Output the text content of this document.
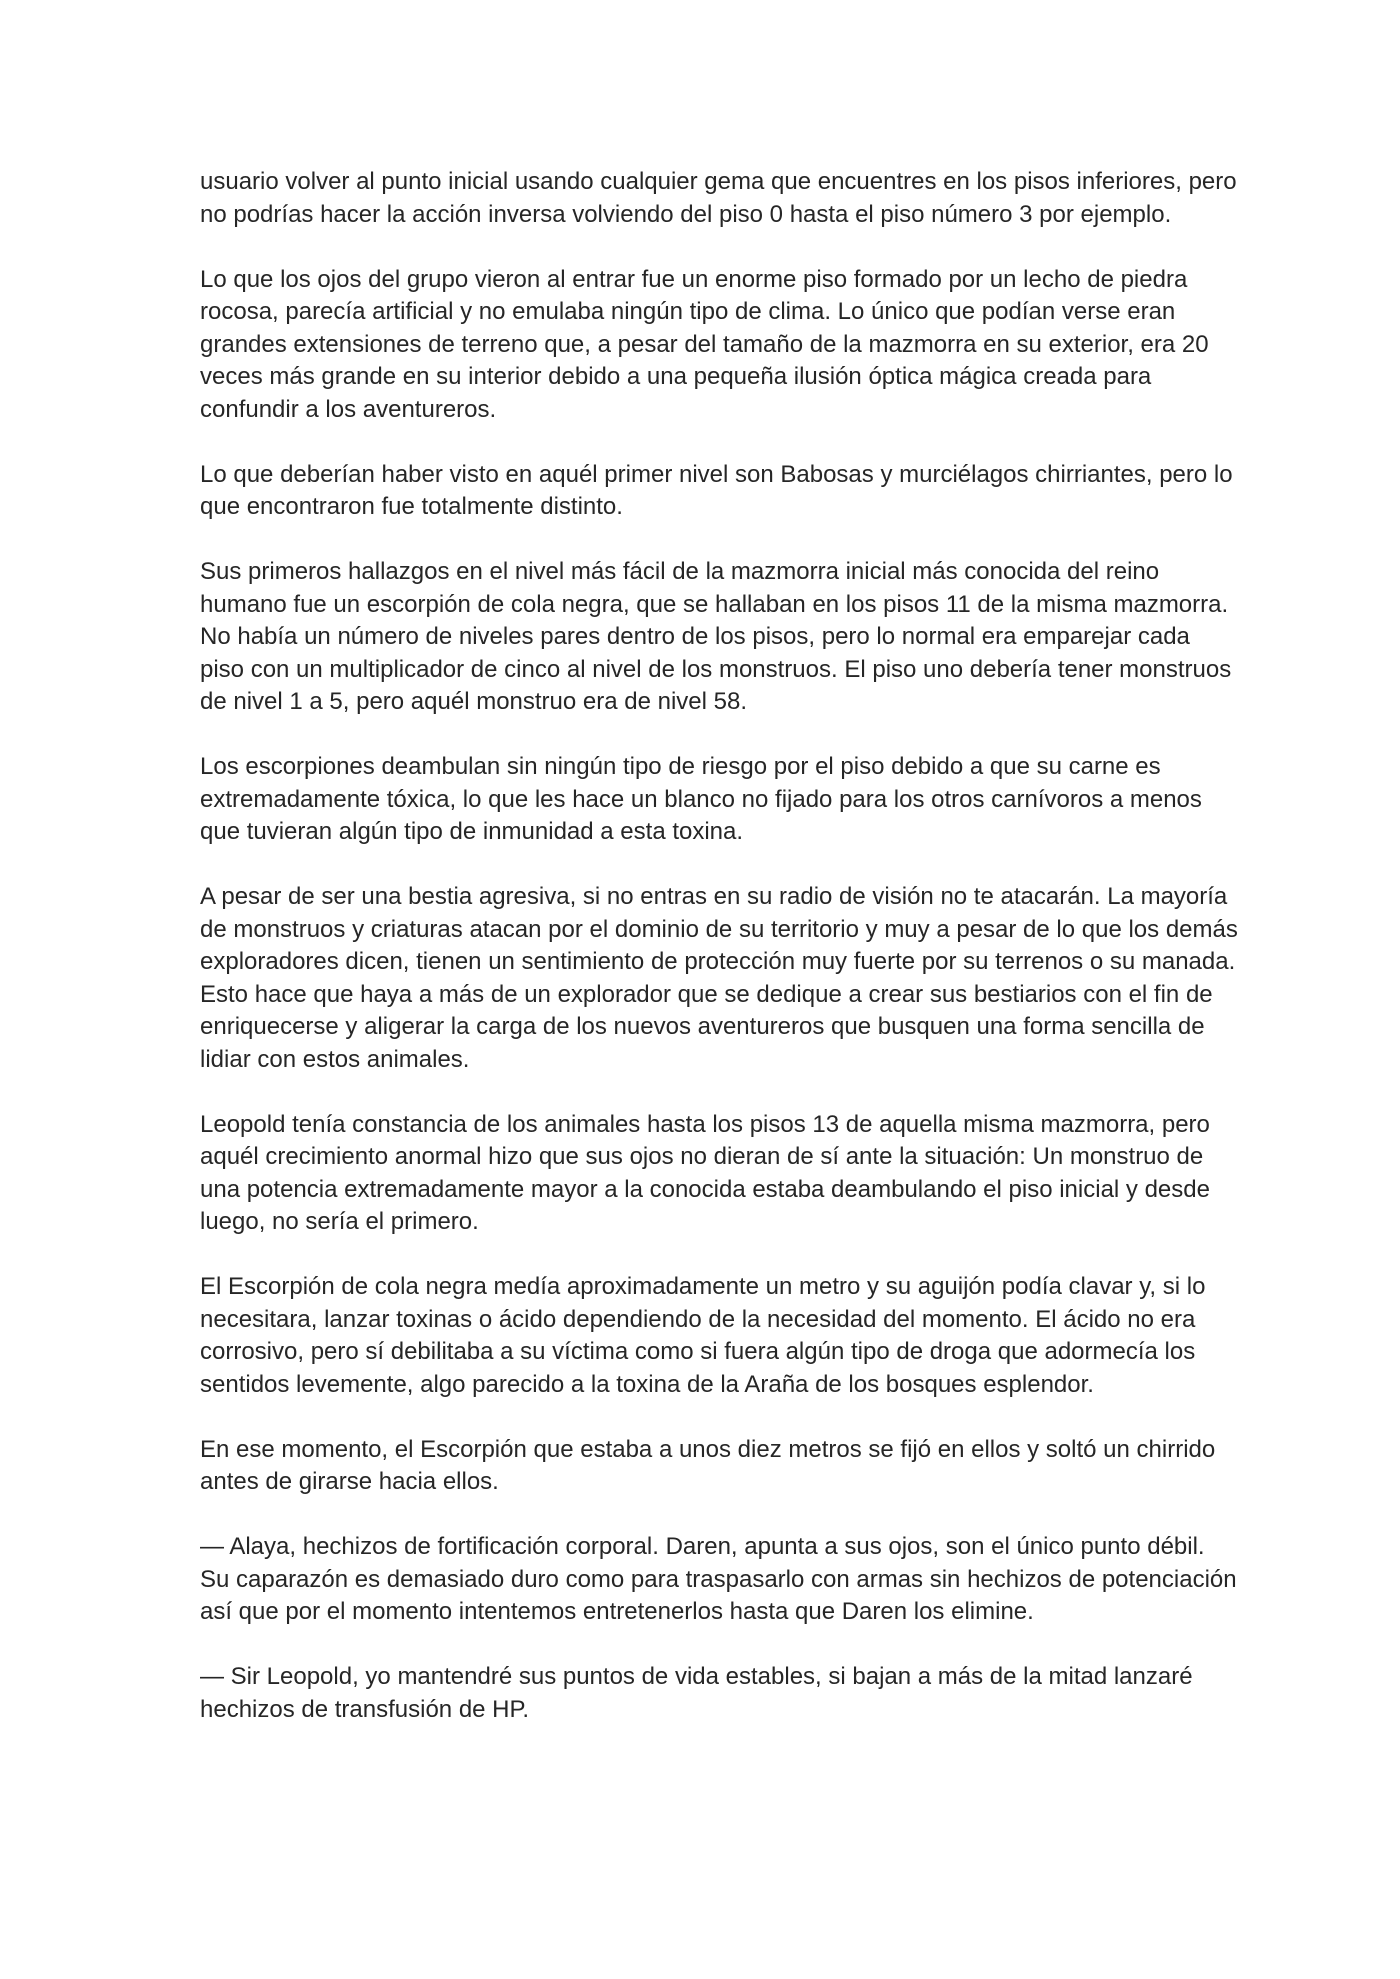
usuario volver al punto inicial usando cualquier gema que encuentres en los pisos inferiores, pero no podrías hacer la acción inversa volviendo del piso 0 hasta el piso número 3 por ejemplo.

Lo que los ojos del grupo vieron al entrar fue un enorme piso formado por un lecho de piedra rocosa, parecía artificial y no emulaba ningún tipo de clima. Lo único que podían verse eran grandes extensiones de terreno que, a pesar del tamaño de la mazmorra en su exterior, era 20 veces más grande en su interior debido a una pequeña ilusión óptica mágica creada para confundir a los aventureros.

Lo que deberían haber visto en aquél primer nivel son Babosas y murciélagos chirriantes, pero lo que encontraron fue totalmente distinto.

Sus primeros hallazgos en el nivel más fácil de la mazmorra inicial más conocida del reino humano fue un escorpión de cola negra, que se hallaban en los pisos 11 de la misma mazmorra. No había un número de niveles pares dentro de los pisos, pero lo normal era emparejar cada piso con un multiplicador de cinco al nivel de los monstruos. El piso uno debería tener monstruos de nivel 1 a 5, pero aquél monstruo era de nivel 58.

Los escorpiones deambulan sin ningún tipo de riesgo por el piso debido a que su carne es extremadamente tóxica, lo que les hace un blanco no fijado para los otros carnívoros a menos que tuvieran algún tipo de inmunidad a esta toxina.

A pesar de ser una bestia agresiva, si no entras en su radio de visión no te atacarán. La mayoría de monstruos y criaturas atacan por el dominio de su territorio y muy a pesar de lo que los demás exploradores dicen, tienen un sentimiento de protección muy fuerte por su terrenos o su manada. Esto hace que haya a más de un explorador que se dedique a crear sus bestiarios con el fin de enriquecerse y aligerar la carga de los nuevos aventureros que busquen una forma sencilla de lidiar con estos animales.

Leopold tenía constancia de los animales hasta los pisos 13 de aquella misma mazmorra, pero aquél crecimiento anormal hizo que sus ojos no dieran de sí ante la situación: Un monstruo de una potencia extremadamente mayor a la conocida estaba deambulando el piso inicial y desde luego, no sería el primero.

El Escorpión de cola negra medía aproximadamente un metro y su aguijón podía clavar y, si lo necesitara, lanzar toxinas o ácido dependiendo de la necesidad del momento. El ácido no era corrosivo, pero sí debilitaba a su víctima como si fuera algún tipo de droga que adormecía los sentidos levemente, algo parecido a la toxina de la Araña de los bosques esplendor.

En ese momento, el Escorpión que estaba a unos diez metros se fijó en ellos y soltó un chirrido antes de girarse hacia ellos.

— Alaya, hechizos de fortificación corporal. Daren, apunta a sus ojos, son el único punto débil. Su caparazón es demasiado duro como para traspasarlo con armas sin hechizos de potenciación así que por el momento intentemos entretenerlos hasta que Daren los elimine.

— Sir Leopold, yo mantendré sus puntos de vida estables, si bajan a más de la mitad lanzaré hechizos de transfusión de HP.
